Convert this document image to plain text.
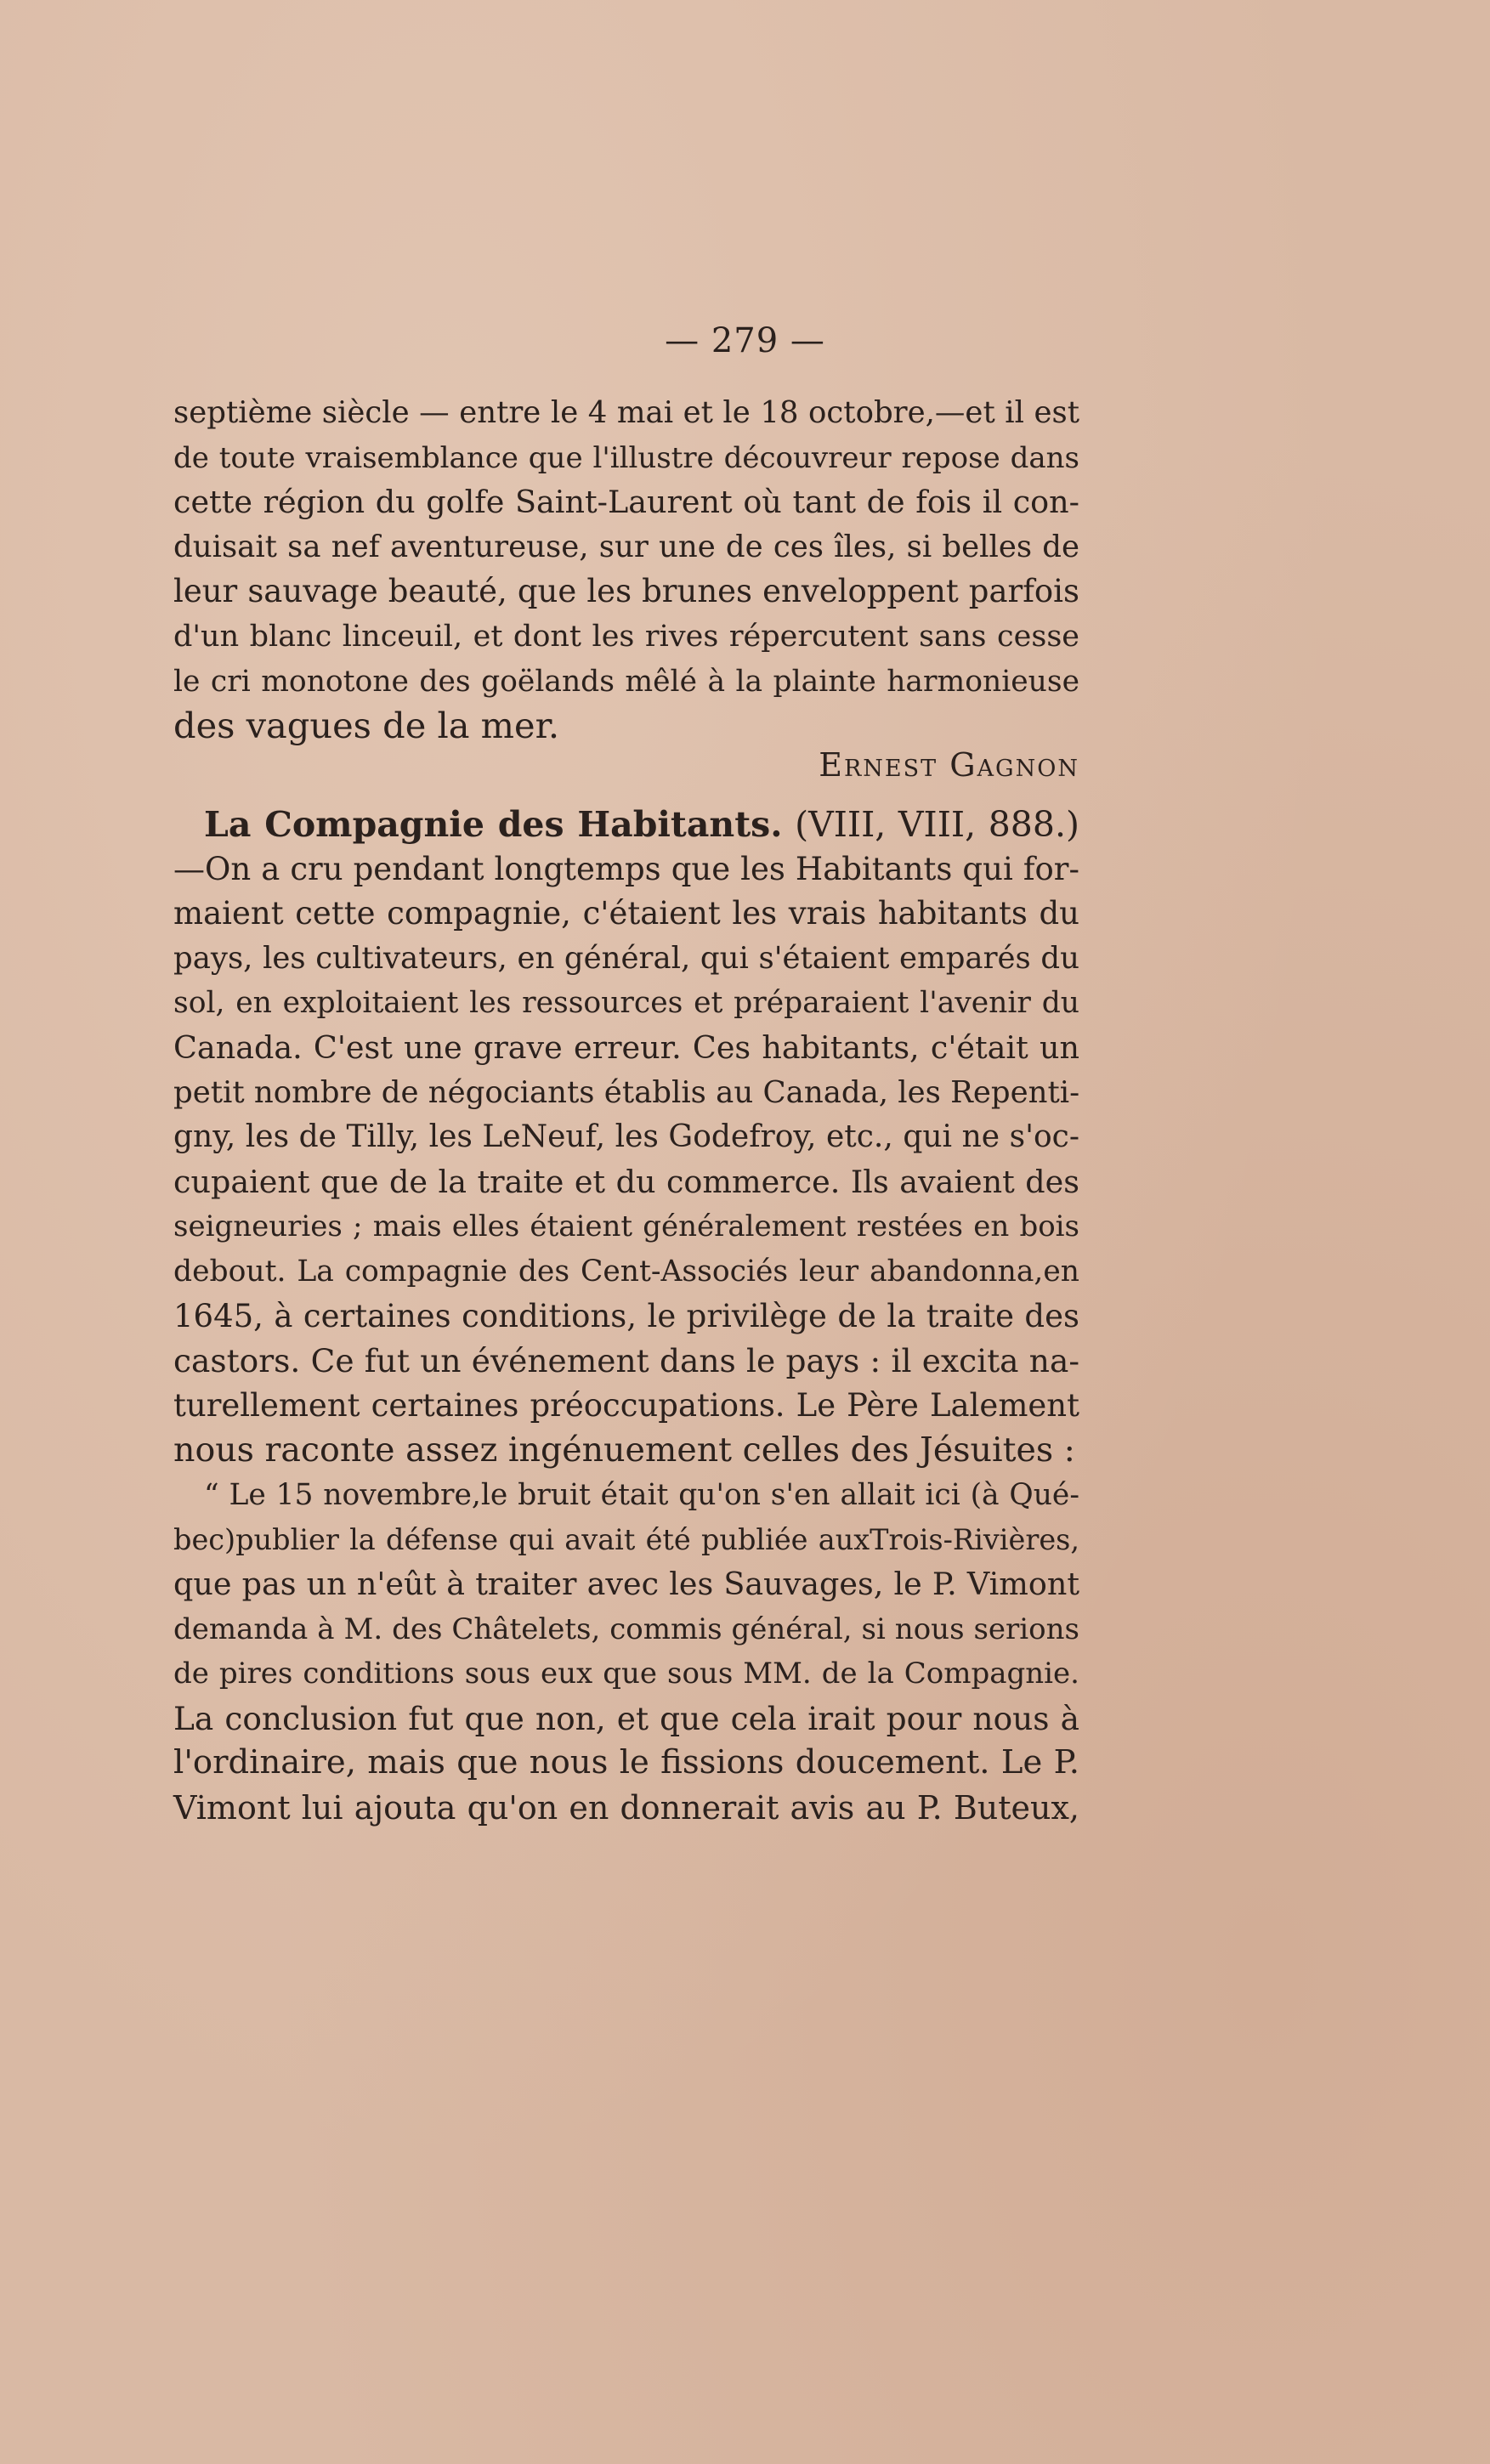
— 279 —
septième siècle — entre le 4 mai et le 18 octobre,—et il est
de toute vraisemblance que l'illustre découvreur repose dans
cette région du golfe Saint-Laurent où tant de fois il con-
duisait sa nef aventureuse, sur une de ces îles, si belles de
leur sauvage beauté, que les brunes enveloppent parfois
d'un blanc linceuil, et dont les rives répercutent sans cesse
le cri monotone des goëlands mêlé à la plainte harmonieuse
des vagues de la mer.
Ernest Gagnon
La Compagnie des Habitants. (VIII, VIII, 888.)
—On a cru pendant longtemps que les Habitants qui for-
maient cette compagnie, c'étaient les vrais habitants du
pays, les cultivateurs, en général, qui s'étaient emparés du
sol, en exploitaient les ressources et préparaient l'avenir du
Canada. C'est une grave erreur. Ces habitants, c'était un
petit nombre de négociants établis au Canada, les Repenti-
gny, les de Tilly, les LeNeuf, les Godefroy, etc., qui ne s'oc-
cupaient que de la traite et du commerce. Ils avaient des
seigneuries ; mais elles étaient généralement restées en bois
debout. La compagnie des Cent-Associés leur abandonna,en
1645, à certaines conditions, le privilège de la traite des
castors. Ce fut un événement dans le pays : il excita na-
turellement certaines préoccupations. Le Père Lalement
nous raconte assez ingénuement celles des Jésuites :
“ Le 15 novembre,le bruit était qu'on s'en allait ici (à Qué-
bec)publier la défense qui avait été publiée auxTrois-Rivières,
que pas un n'eût à traiter avec les Sauvages, le P. Vimont
demanda à M. des Châtelets, commis général, si nous serions
de pires conditions sous eux que sous MM. de la Compagnie.
La conclusion fut que non, et que cela irait pour nous à
l'ordinaire, mais que nous le fissions doucement. Le P.
Vimont lui ajouta qu'on en donnerait avis au P. Buteux,
